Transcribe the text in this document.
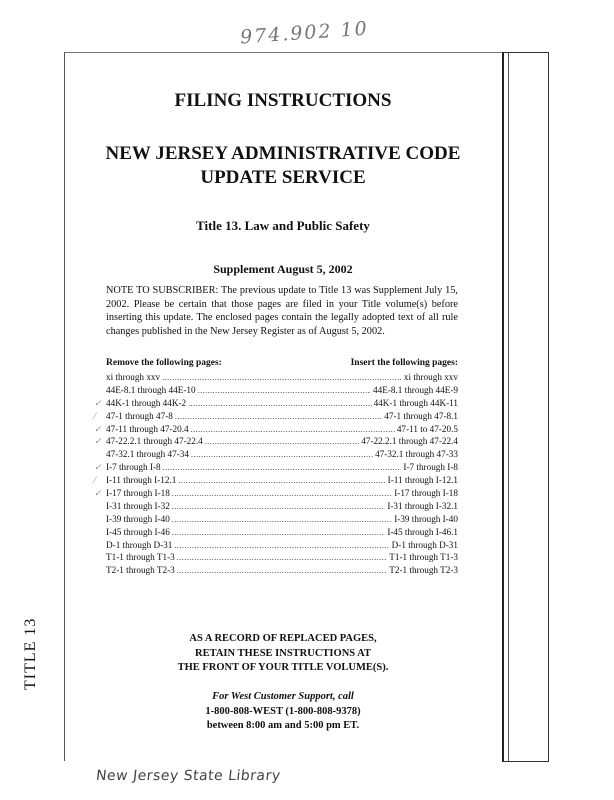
974.902 10
TITLE 13
FILING INSTRUCTIONS
NEW JERSEY ADMINISTRATIVE CODE
UPDATE SERVICE
Title 13. Law and Public Safety
Supplement August 5, 2002
NOTE TO SUBSCRIBER: The previous update to Title 13 was Supplement July 15, 2002. Please be certain that those pages are filed in your Title volume(s) before inserting this update. The enclosed pages contain the legally adopted text of all rule changes published in the New Jersey Register as of August 5, 2002.
Remove the following pages:	Insert the following pages:
✓
⁄
✓
✓
✓
⁄
✓
xi through xxv .....	xi through xxv
44E-8.1 through 44E-10 .....	44E-8.1 through 44E-9
44K-1 through 44K-2 .....	44K-1 through 44K-11
47-1 through 47-8 .....	47-1 through 47-8.1
47-11 through 47-20.4 .....	47-11 to 47-20.5
47-22.2.1 through 47-22.4 .....	47-22.2.1 through 47-22.4
47-32.1 through 47-34 .....	47-32.1 through 47-33
I-7 through I-8 .....	I-7 through I-8
I-11 through I-12.1 .....	I-11 through I-12.1
I-17 through I-18 .....	I-17 through I-18
I-31 through I-32 .....	I-31 through I-32.1
I-39 through I-40 .....	I-39 through I-40
I-45 through I-46 .....	I-45 through I-46.1
D-1 through D-31 .....	D-1 through D-31
T1-1 through T1-3 .....	T1-1 through T1-3
T2-1 through T2-3 .....	T2-1 through T2-3
AS A RECORD OF REPLACED PAGES,
RETAIN THESE INSTRUCTIONS AT
THE FRONT OF YOUR TITLE VOLUME(S).
For West Customer Support, call
1-800-808-WEST (1-800-808-9378)
between 8:00 am and 5:00 pm ET.
New Jersey State Library
